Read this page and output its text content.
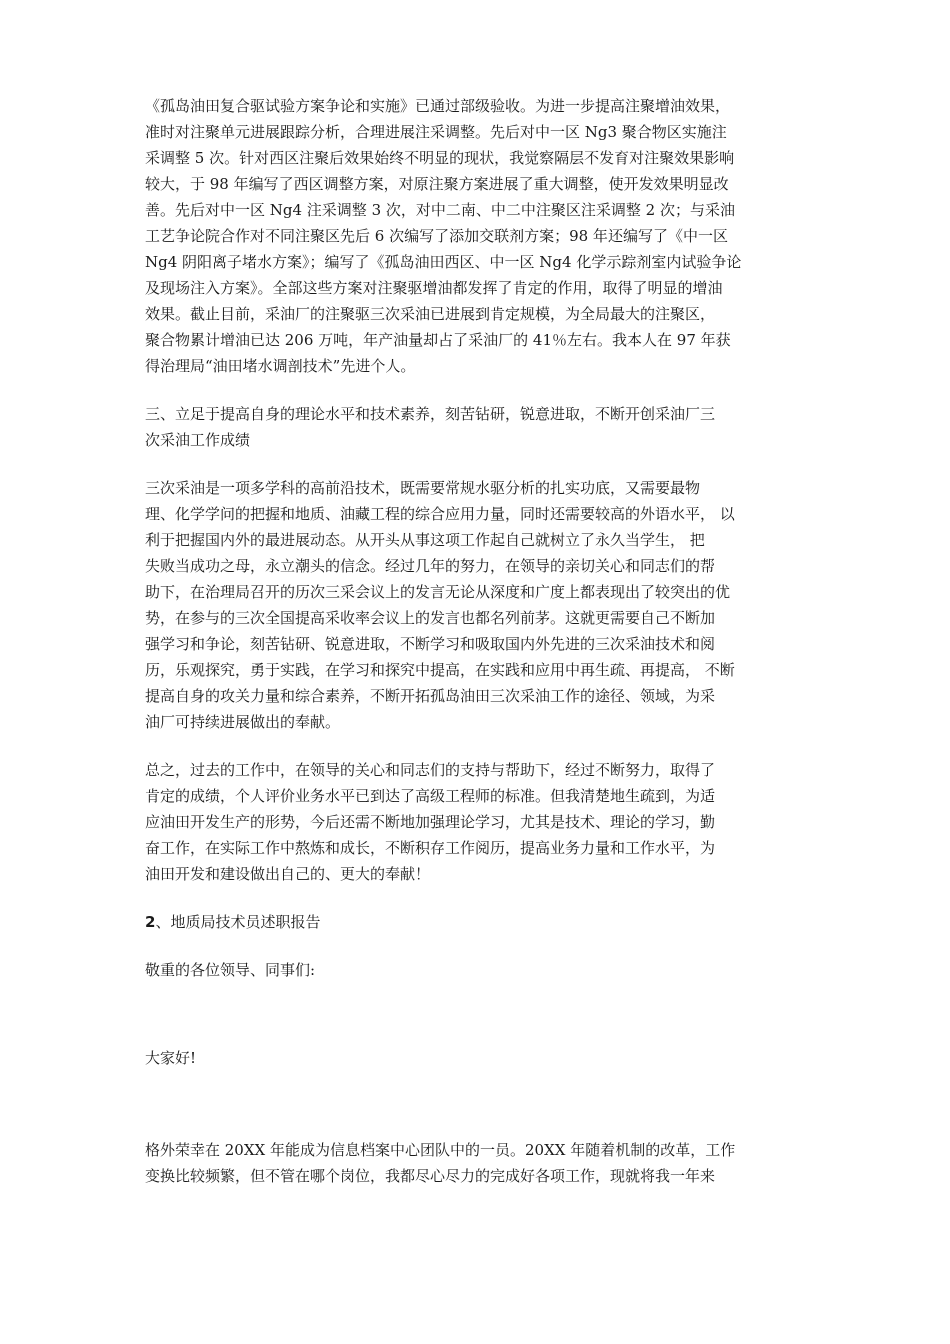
《孤岛油田复合驱试验方案争论和实施》已通过部级验收。为进一步提高注聚增油效果，
准时对注聚单元进展跟踪分析，合理进展注采调整。先后对中一区 Ng3 聚合物区实施注
采调整 5 次。针对西区注聚后效果始终不明显的现状，我觉察隔层不发育对注聚效果影响
较大，于 98 年编写了西区调整方案，对原注聚方案进展了重大调整，使开发效果明显改
善。先后对中一区 Ng4 注采调整 3 次，对中二南、中二中注聚区注采调整 2 次；与采油
工艺争论院合作对不同注聚区先后 6 次编写了添加交联剂方案；98 年还编写了《中一区
Ng4 阴阳离子堵水方案》；编写了《孤岛油田西区、中一区 Ng4 化学示踪剂室内试验争论
及现场注入方案》。全部这些方案对注聚驱增油都发挥了肯定的作用，取得了明显的增油
效果。截止目前，采油厂的注聚驱三次采油已进展到肯定规模，为全局最大的注聚区，
聚合物累计增油已达 206 万吨，年产油量却占了采油厂的 41％左右。我本人在 97 年获
得治理局“油田堵水调剖技术”先进个人。

三、立足于提高自身的理论水平和技术素养，刻苦钻研，锐意进取，不断开创采油厂三
次采油工作成绩

三次采油是一项多学科的高前沿技术，既需要常规水驱分析的扎实功底，又需要最物
理、化学学问的把握和地质、油藏工程的综合应用力量，同时还需要较高的外语水平， 以
利于把握国内外的最进展动态。从开头从事这项工作起自己就树立了永久当学生， 把
失败当成功之母，永立潮头的信念。经过几年的努力，在领导的亲切关心和同志们的帮
助下，在治理局召开的历次三采会议上的发言无论从深度和广度上都表现出了较突出的优
势，在参与的三次全国提高采收率会议上的发言也都名列前茅。这就更需要自己不断加
强学习和争论，刻苦钻研、锐意进取，不断学习和吸取国内外先进的三次采油技术和阅
历，乐观探究，勇于实践，在学习和探究中提高，在实践和应用中再生疏、再提高， 不断
提高自身的攻关力量和综合素养，不断开拓孤岛油田三次采油工作的途径、领域，为采
油厂可持续进展做出的奉献。

总之，过去的工作中，在领导的关心和同志们的支持与帮助下，经过不断努力，取得了
肯定的成绩，个人评价业务水平已到达了高级工程师的标准。但我清楚地生疏到，为适
应油田开发生产的形势，今后还需不断地加强理论学习，尤其是技术、理论的学习，勤
奋工作，在实际工作中熬炼和成长，不断积存工作阅历，提高业务力量和工作水平，为
油田开发和建设做出自己的、更大的奉献！

2、地质局技术员述职报告

敬重的各位领导、同事们:

大家好!

格外荣幸在 20XX 年能成为信息档案中心团队中的一员。20XX 年随着机制的改革，工作
变换比较频繁，但不管在哪个岗位，我都尽心尽力的完成好各项工作，现就将我一年来
